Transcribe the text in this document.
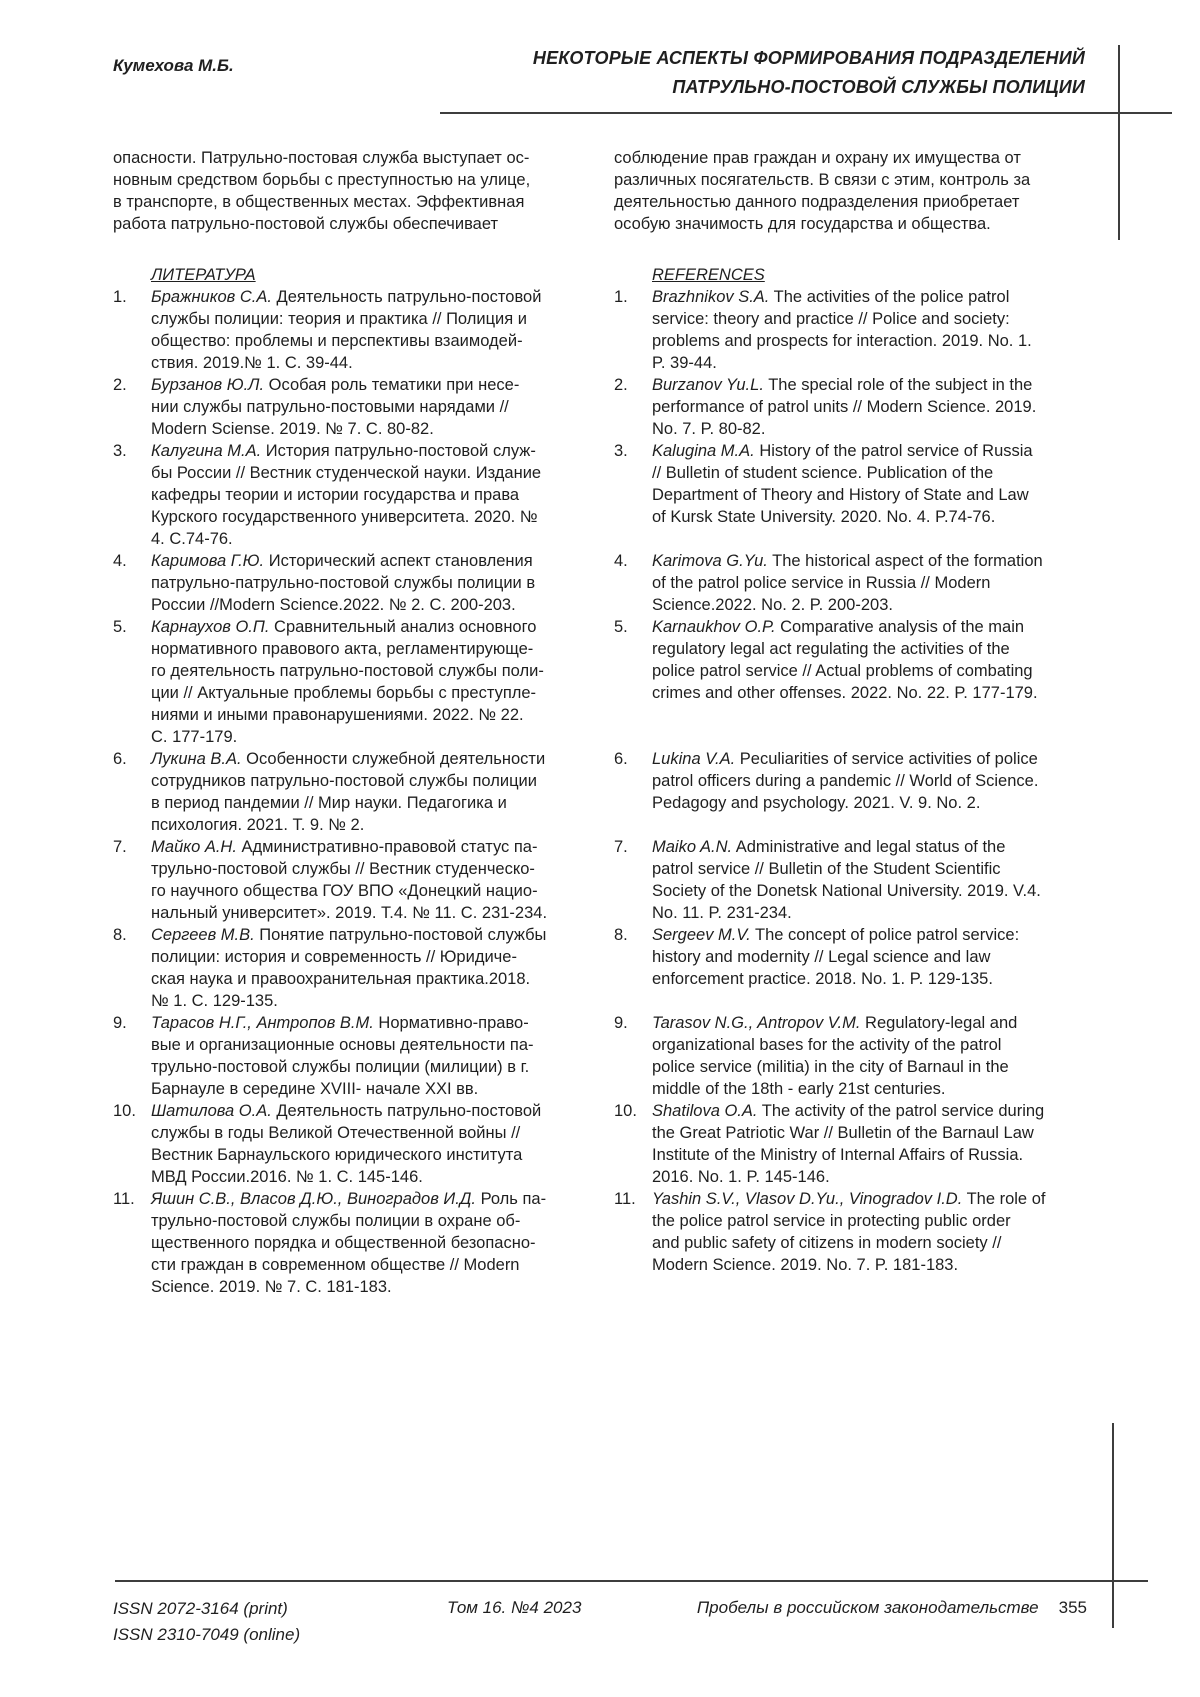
Кумехова М.Б.	НЕКОТОРЫЕ АСПЕКТЫ ФОРМИРОВАНИЯ ПОДРАЗДЕЛЕНИЙ
ПАТРУЛЬНО-ПОСТОВОЙ СЛУЖБЫ ПОЛИЦИИ
опасности. Патрульно-постовая служба выступает ос-
новным средством борьбы с преступностью на улице,
в транспорте, в общественных местах. Эффективная
работа патрульно-постовой службы обеспечивает
соблюдение прав граждан и охрану их имущества от
различных посягательств. В связи с этим, контроль за
деятельностью данного подразделения приобретает
особую значимость для государства и общества.
ЛИТЕРАТУРА	REFERENCES
1.	Бражников С.А. Деятельность патрульно-постовой
службы полиции: теория и практика // Полиция и
общество: проблемы и перспективы взаимодей-
ствия. 2019.№ 1. С. 39-44.
1.	Brazhnikov S.A. The activities of the police patrol
service: theory and practice // Police and society:
problems and prospects for interaction. 2019. No. 1.
P. 39-44.
2.	Бурзанов Ю.Л. Особая роль тематики при несе-
нии службы патрульно-постовыми нарядами //
Modern Sciense. 2019. № 7. С. 80-82.
2.	Burzanov Yu.L. The special role of the subject in the
performance of patrol units // Modern Science. 2019.
No. 7. P. 80-82.
3.	Калугина М.А. История патрульно-постовой служ-
бы России // Вестник студенческой науки. Издание
кафедры теории и истории государства и права
Курского государственного университета. 2020. №
4. С.74-76.
3.	Kalugina M.A. History of the patrol service of Russia
// Bulletin of student science. Publication of the
Department of Theory and History of State and Law
of Kursk State University. 2020. No. 4. P.74-76.
4.	Каримова Г.Ю. Исторический аспект становления
патрульно-патрульно-постовой службы полиции в
России //Modern Science.2022. № 2. С. 200-203.
4.	Karimova G.Yu. The historical aspect of the formation
of the patrol police service in Russia // Modern
Science.2022. No. 2. P. 200-203.
5.	Карнаухов О.П. Сравнительный анализ основного
нормативного правового акта, регламентирующе-
го деятельность патрульно-постовой службы поли-
ции // Актуальные проблемы борьбы с преступле-
ниями и иными правонарушениями. 2022. № 22.
С. 177-179.
5.	Karnaukhov O.P. Comparative analysis of the main
regulatory legal act regulating the activities of the
police patrol service // Actual problems of combating
crimes and other offenses. 2022. No. 22. P. 177-179.
6.	Лукина В.А. Особенности служебной деятельности
сотрудников патрульно-постовой службы полиции
в период пандемии // Мир науки. Педагогика и
психология. 2021. Т. 9. № 2.
6.	Lukina V.A. Peculiarities of service activities of police
patrol officers during a pandemic // World of Science.
Pedagogy and psychology. 2021. V. 9. No. 2.
7.	Майко А.Н. Административно-правовой статус па-
трульно-постовой службы // Вестник студенческо-
го научного общества ГОУ ВПО «Донецкий нацио-
нальный университет». 2019. Т.4. № 11. С. 231-234.
7.	Maiko A.N. Administrative and legal status of the
patrol service // Bulletin of the Student Scientific
Society of the Donetsk National University. 2019. V.4.
No. 11. P. 231-234.
8.	Сергеев М.В. Понятие патрульно-постовой службы
полиции: история и современность // Юридиче-
ская наука и правоохранительная практика.2018.
№ 1. С. 129-135.
8.	Sergeev M.V. The concept of police patrol service:
history and modernity // Legal science and law
enforcement practice. 2018. No. 1. P. 129-135.
9.	Тарасов Н.Г., Антропов В.М. Нормативно-право-
вые и организационные основы деятельности па-
трульно-постовой службы полиции (милиции) в г.
Барнауле в середине XVIII- начале XXI вв.
9.	Tarasov N.G., Antropov V.M. Regulatory-legal and
organizational bases for the activity of the patrol
police service (militia) in the city of Barnaul in the
middle of the 18th - early 21st centuries.
10. Шатилова О.А. Деятельность патрульно-постовой
службы в годы Великой Отечественной войны //
Вестник Барнаульского юридического института
МВД России.2016. № 1. С. 145-146.
10. Shatilova O.A. The activity of the patrol service during
the Great Patriotic War // Bulletin of the Barnaul Law
Institute of the Ministry of Internal Affairs of Russia.
2016. No. 1. P. 145-146.
11. Яшин С.В., Власов Д.Ю., Виноградов И.Д. Роль па-
трульно-постовой службы полиции в охране об-
щественного порядка и общественной безопасно-
сти граждан в современном обществе // Modern
Science. 2019. № 7. С. 181-183.
11. Yashin S.V., Vlasov D.Yu., Vinogradov I.D. The role of
the police patrol service in protecting public order
and public safety of citizens in modern society //
Modern Science. 2019. No. 7. P. 181-183.
ISSN 2072-3164 (print)
ISSN 2310-7049 (online)
Том 16. №4 2023	Пробелы в российском законодательстве 355
